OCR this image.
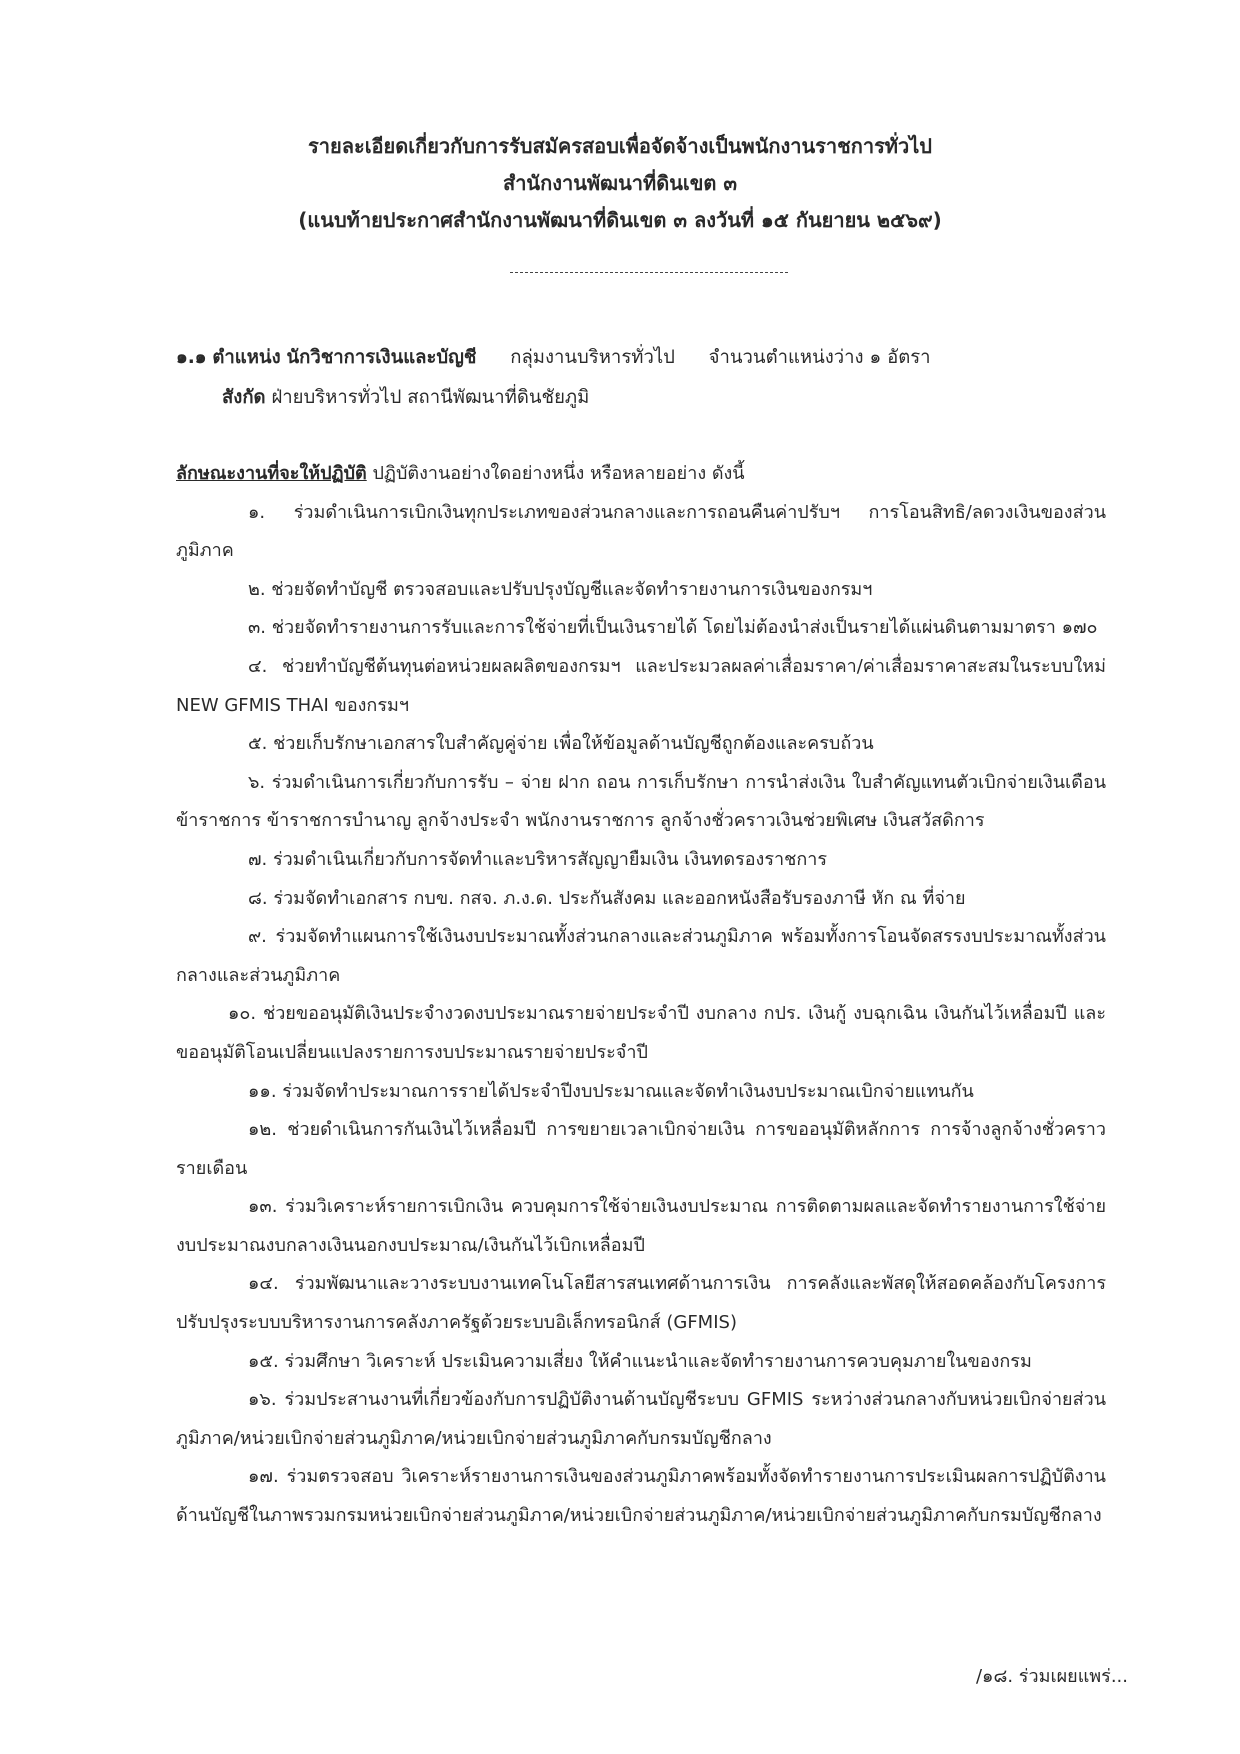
รายละเอียดเกี่ยวกับการรับสมัครสอบเพื่อจัดจ้างเป็นพนักงานราชการทั่วไป
สำนักงานพัฒนาที่ดินเขต ๓
(แนบท้ายประกาศสำนักงานพัฒนาที่ดินเขต ๓ ลงวันที่ ๑๕ กันยายน ๒๕๖๙)
๑.๑ ตำแหน่ง นักวิชาการเงินและบัญชี กลุ่มงานบริหารทั่วไป จำนวนตำแหน่งว่าง ๑ อัตรา
สังกัด ฝ่ายบริหารทั่วไป สถานีพัฒนาที่ดินชัยภูมิ
ลักษณะงานที่จะให้ปฏิบัติ ปฏิบัติงานอย่างใดอย่างหนึ่ง หรือหลายอย่าง ดังนี้
๑. ร่วมดำเนินการเบิกเงินทุกประเภทของส่วนกลางและการถอนคืนค่าปรับฯ การโอนสิทธิ/ลดวงเงินของส่วนภูมิภาค
๒. ช่วยจัดทำบัญชี ตรวจสอบและปรับปรุงบัญชีและจัดทำรายงานการเงินของกรมฯ
๓. ช่วยจัดทำรายงานการรับและการใช้จ่ายที่เป็นเงินรายได้ โดยไม่ต้องนำส่งเป็นรายได้แผ่นดินตามมาตรา ๑๗๐
๔. ช่วยทำบัญชีต้นทุนต่อหน่วยผลผลิตของกรมฯ และประมวลผลค่าเสื่อมราคา/ค่าเสื่อมราคาสะสมในระบบใหม่ NEW GFMIS THAI ของกรมฯ
๕. ช่วยเก็บรักษาเอกสารใบสำคัญคู่จ่าย เพื่อให้ข้อมูลด้านบัญชีถูกต้องและครบถ้วน
๖. ร่วมดำเนินการเกี่ยวกับการรับ – จ่าย ฝาก ถอน การเก็บรักษา การนำส่งเงิน ใบสำคัญแทนตัวเบิกจ่ายเงินเดือนข้าราชการ ข้าราชการบำนาญ ลูกจ้างประจำ พนักงานราชการ ลูกจ้างชั่วคราวเงินช่วยพิเศษ เงินสวัสดิการ
๗. ร่วมดำเนินเกี่ยวกับการจัดทำและบริหารสัญญายืมเงิน เงินทดรองราชการ
๘. ร่วมจัดทำเอกสาร กบข. กสจ. ภ.ง.ด. ประกันสังคม และออกหนังสือรับรองภาษี หัก ณ ที่จ่าย
๙. ร่วมจัดทำแผนการใช้เงินงบประมาณทั้งส่วนกลางและส่วนภูมิภาค พร้อมทั้งการโอนจัดสรรงบประมาณทั้งส่วนกลางและส่วนภูมิภาค
๑๐. ช่วยขออนุมัติเงินประจำงวดงบประมาณรายจ่ายประจำปี งบกลาง กปร. เงินกู้ งบฉุกเฉิน เงินกันไว้เหลื่อมปี และขออนุมัติโอนเปลี่ยนแปลงรายการงบประมาณรายจ่ายประจำปี
๑๑. ร่วมจัดทำประมาณการรายได้ประจำปีงบประมาณและจัดทำเงินงบประมาณเบิกจ่ายแทนกัน
๑๒. ช่วยดำเนินการกันเงินไว้เหลื่อมปี การขยายเวลาเบิกจ่ายเงิน การขออนุมัติหลักการ การจ้างลูกจ้างชั่วคราวรายเดือน
๑๓. ร่วมวิเคราะห์รายการเบิกเงิน ควบคุมการใช้จ่ายเงินงบประมาณ การติดตามผลและจัดทำรายงานการใช้จ่ายงบประมาณงบกลางเงินนอกงบประมาณ/เงินกันไว้เบิกเหลื่อมปี
๑๔. ร่วมพัฒนาและวางระบบงานเทคโนโลยีสารสนเทศด้านการเงิน การคลังและพัสดุให้สอดคล้องกับโครงการปรับปรุงระบบบริหารงานการคลังภาครัฐด้วยระบบอิเล็กทรอนิกส์ (GFMIS)
๑๕. ร่วมศึกษา วิเคราะห์ ประเมินความเสี่ยง ให้คำแนะนำและจัดทำรายงานการควบคุมภายในของกรม
๑๖. ร่วมประสานงานที่เกี่ยวข้องกับการปฏิบัติงานด้านบัญชีระบบ GFMIS ระหว่างส่วนกลางกับหน่วยเบิกจ่ายส่วนภูมิภาค/หน่วยเบิกจ่ายส่วนภูมิภาค/หน่วยเบิกจ่ายส่วนภูมิภาคกับกรมบัญชีกลาง
๑๗. ร่วมตรวจสอบ วิเคราะห์รายงานการเงินของส่วนภูมิภาคพร้อมทั้งจัดทำรายงานการประเมินผลการปฏิบัติงานด้านบัญชีในภาพรวมกรมหน่วยเบิกจ่ายส่วนภูมิภาค/หน่วยเบิกจ่ายส่วนภูมิภาค/หน่วยเบิกจ่ายส่วนภูมิภาคกับกรมบัญชีกลาง
/๑๘. ร่วมเผยแพร่...
